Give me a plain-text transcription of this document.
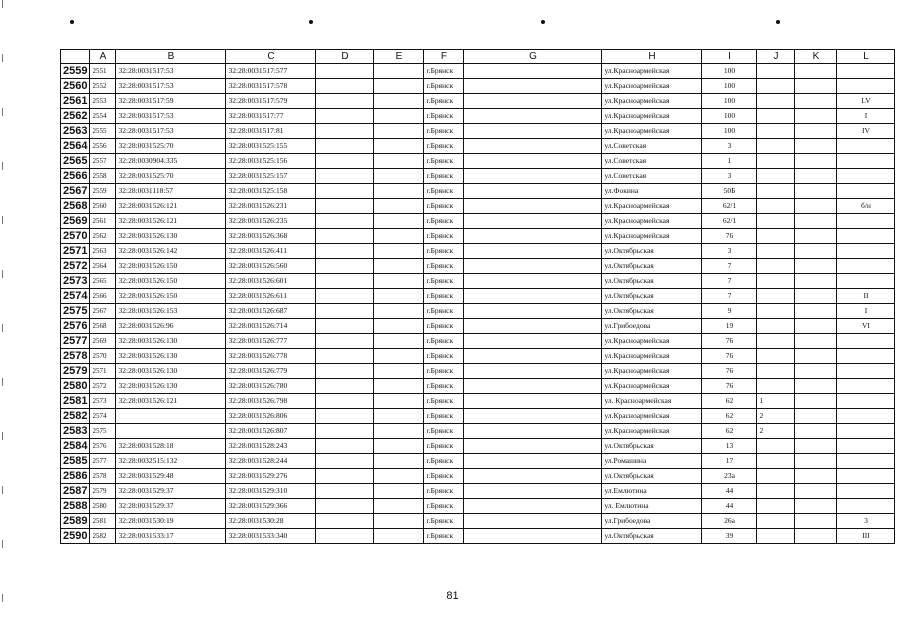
	A	B	C	D	E	F	G	H	I	J	K	L
2559	2551	32:28:0031517:53	32:28:0031517:577			г.Брянск		ул.Красноармейская	100			
2560	2552	32:28:0031517:53	32:28:0031517:578			г.Брянск		ул.Красноармейская	100			
2561	2553	32:28:0031517:59	32:28:0031517:579			г.Брянск		ул.Красноармейская	100			LV
2562	2554	32:28:0031517:53	32:28:0031517:77			г.Брянск		ул.Красноармейская	100			I
2563	2555	32:28:0031517:53	32:28:0031517:81			г.Брянск		ул.Красноармейская	100			IV
2564	2556	32:28:0031525:70	32:28:0031525:155			г.Брянск		ул.Советская	3			
2565	2557	32:28:0030904:335	32:28:0031525:156			г.Брянск		ул.Советская	1			
2566	2558	32:28:0031525:70	32:28:0031525:157			г.Брянск		ул.Советская	3			
2567	2559	32:28:0031118:57	32:28:0031525:158			г.Брянск		ул.Фокина	50Б			
2568	2560	32:28:0031526:121	32:28:0031526:231			г.Брянск		ул.Красноармейская	62/1			б/н
2569	2561	32:28:0031526:121	32:28:0031526:235			г.Брянск		ул.Красноармейская	62/1			
2570	2562	32:28:0031526:130	32:28:0031526:368			г.Брянск		ул.Красноармейская	76			
2571	2563	32:28:0031526:142	32:28:0031526:411			г.Брянск		ул.Октябрьская	3			
2572	2564	32:28:0031526:150	32:28:0031526:560			г.Брянск		ул.Октябрьская	7			
2573	2565	32:28:0031526:150	32:28:0031526:601			г.Брянск		ул.Октябрьская	7			
2574	2566	32:28:0031526:150	32:28:0031526:611			г.Брянск		ул.Октябрьская	7			II
2575	2567	32:28:0031526:153	32:28:0031526:687			г.Брянск		ул.Октябрьская	9			I
2576	2568	32:28:0031526:96	32:28:0031526:714			г.Брянск		ул.Грибоедова	19			VI
2577	2569	32:28:0031526:130	32:28:0031526:777			г.Брянск		ул.Красноармейская	76			
2578	2570	32:28:0031526:130	32:28:0031526:778			г.Брянск		ул.Красноармейская	76			
2579	2571	32:28:0031526:130	32:28:0031526:779			г.Брянск		ул.Красноармейская	76			
2580	2572	32:28:0031526:130	32:28:0031526:780			г.Брянск		ул.Красноармейская	76			
2581	2573	32:28:0031526:121	32:28:0031526:798			г.Брянск		ул. Красноармейская	62	1		
2582	2574		32:28:0031526:806			г.Брянск		ул.Красноармейская	62	2		
2583	2575		32:28:0031526:807			г.Брянск		ул.Красноармейская	62	2		
2584	2576	32:28:0031528:18	32:28:0031528:243			г.Брянск		ул.Октябрьская	13			
2585	2577	32:28:0032515:132	32:28:0031528:244			г.Брянск		ул.Ромашина	17			
2586	2578	32:28:0031529:48	32:28:0031529:276			г.Брянск		ул.Октябрьская	23а			
2587	2579	32:28:0031529:37	32:28:0031529:310			г.Брянск		ул.Емлютина	44			
2588	2580	32:28:0031529:37	32:28:0031529:366			г.Брянск		ул. Емлютина	44			
2589	2581	32:28:0031530:19	32:28:0031530:28			г.Брянск		ул.Грибоедова	26а			3
2590	2582	32:28:0031533:17	32:28:0031533:340			г.Брянск		ул.Октябрьская	39			III
81
